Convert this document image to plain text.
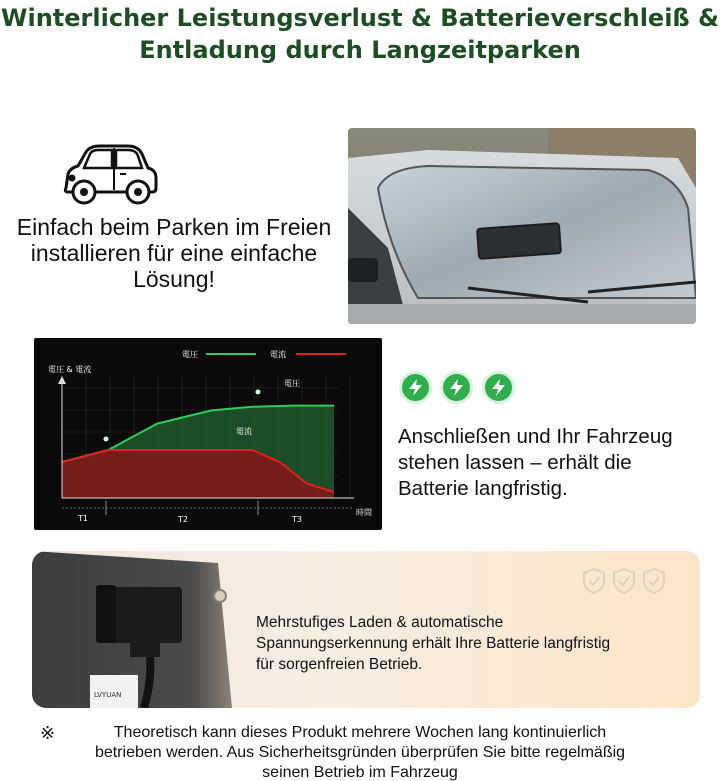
Winterlicher Leistungsverlust & Batterieverschleiß &
Entladung durch Langzeitparken
Einfach beim Parken im Freien
installieren für eine einfache
Lösung!
電圧 & 電流
電圧	電流
電圧
電流
T1	T2	T3
時間

Anschließen und Ihr Fahrzeug
stehen lassen – erhält die
Batterie langfristig.
LVYUAN
Mehrstufiges Laden & automatische
Spannungserkennung erhält Ihre Batterie langfristig
für sorgenfreien Betrieb.
※	Theoretisch kann dieses Produkt mehrere Wochen lang kontinuierlich
betrieben werden. Aus Sicherheitsgründen überprüfen Sie bitte regelmäßig
seinen Betrieb im Fahrzeug
